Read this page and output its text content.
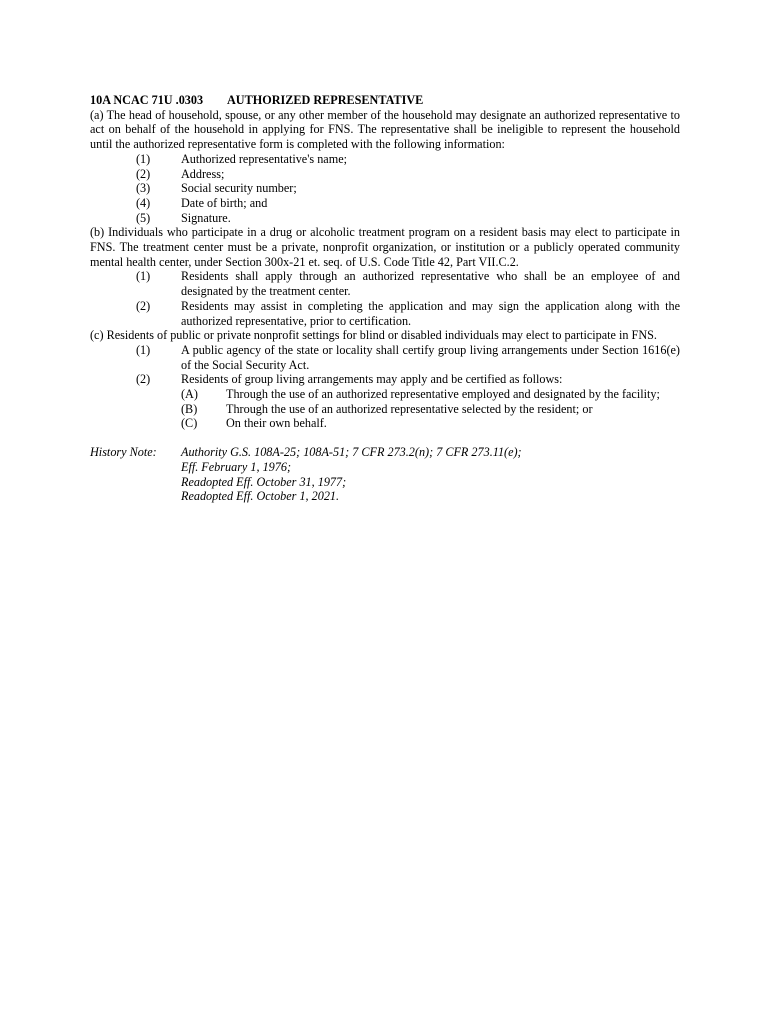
10A NCAC 71U .0303 AUTHORIZED REPRESENTATIVE
(a) The head of household, spouse, or any other member of the household may designate an authorized representative to act on behalf of the household in applying for FNS. The representative shall be ineligible to represent the household until the authorized representative form is completed with the following information:
(1)	Authorized representative's name;
(2)	Address;
(3)	Social security number;
(4)	Date of birth; and
(5)	Signature.
(b) Individuals who participate in a drug or alcoholic treatment program on a resident basis may elect to participate in FNS. The treatment center must be a private, nonprofit organization, or institution or a publicly operated community mental health center, under Section 300x-21 et. seq. of U.S. Code Title 42, Part VII.C.2.
(1)	Residents shall apply through an authorized representative who shall be an employee of and designated by the treatment center.
(2)	Residents may assist in completing the application and may sign the application along with the authorized representative, prior to certification.
(c) Residents of public or private nonprofit settings for blind or disabled individuals may elect to participate in FNS.
(1)	A public agency of the state or locality shall certify group living arrangements under Section 1616(e) of the Social Security Act.
(2)	Residents of group living arrangements may apply and be certified as follows:
(A) Through the use of an authorized representative employed and designated by the facility;
(B) Through the use of an authorized representative selected by the resident; or
(C) On their own behalf.
History Note: Authority G.S. 108A-25; 108A-51; 7 CFR 273.2(n); 7 CFR 273.11(e);
Eff. February 1, 1976;
Readopted Eff. October 31, 1977;
Readopted Eff. October 1, 2021.
